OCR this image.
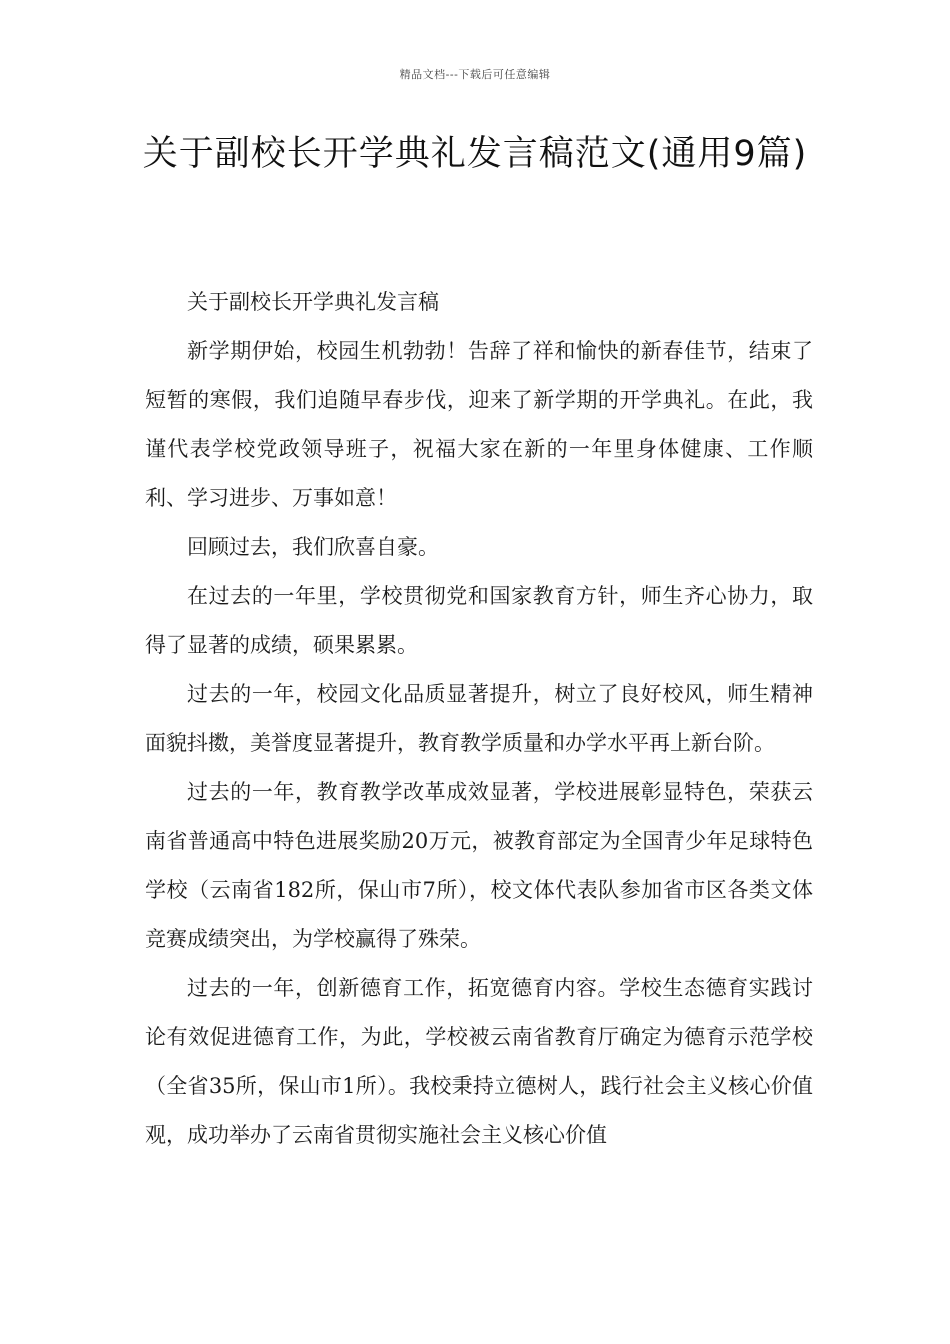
精品文档---下载后可任意编辑
关于副校长开学典礼发言稿范文(通用9篇)

关于副校长开学典礼发言稿

新学期伊始，校园生机勃勃！告辞了祥和愉快的新春佳节，结束了短暂的寒假，我们追随早春步伐，迎来了新学期的开学典礼。在此，我谨代表学校党政领导班子，祝福大家在新的一年里身体健康、工作顺利、学习进步、万事如意！

回顾过去，我们欣喜自豪。

在过去的一年里，学校贯彻党和国家教育方针，师生齐心协力，取得了显著的成绩，硕果累累。

过去的一年，校园文化品质显著提升，树立了良好校风，师生精神面貌抖擞，美誉度显著提升，教育教学质量和办学水平再上新台阶。

过去的一年，教育教学改革成效显著，学校进展彰显特色，荣获云南省普通高中特色进展奖励20万元，被教育部定为全国青少年足球特色学校（云南省182所，保山市7所），校文体代表队参加省市区各类文体竞赛成绩突出，为学校赢得了殊荣。

过去的一年，创新德育工作，拓宽德育内容。学校生态德育实践讨论有效促进德育工作，为此，学校被云南省教育厅确定为德育示范学校（全省35所，保山市1所）。我校秉持立德树人，践行社会主义核心价值观，成功举办了云南省贯彻实施社会主义核心价值
